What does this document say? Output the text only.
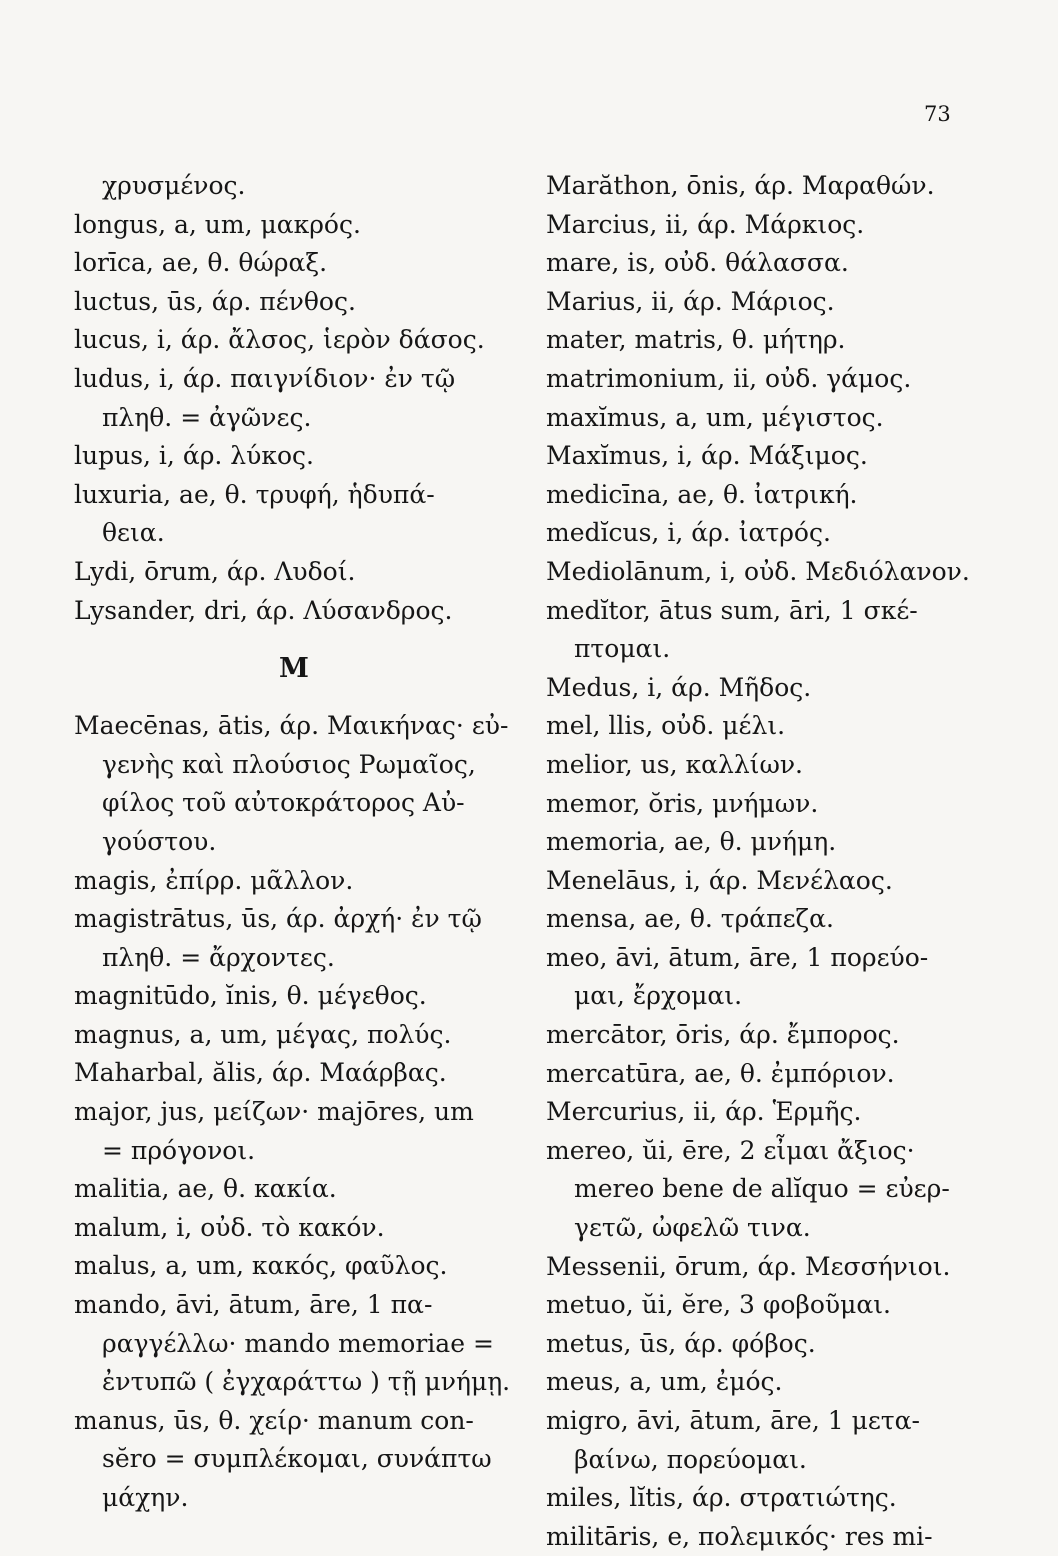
73
χρυσμένος.
longus, a, um, μακρός.
lorīca, ae, θ. θώραξ.
luctus, ūs, άρ. πένθος.
lucus, i, άρ. ἄλσος, ἱερὸν δάσος.
ludus, i, άρ. παιγνίδιον· ἐν τῷ
πληθ. = ἀγῶνες.
lupus, i, άρ. λύκος.
luxuria, ae, θ. τρυφή, ἡδυπά-
θεια.
Lydi, ōrum, άρ. Λυδοί.
Lysander, dri, άρ. Λύσανδρος.
M
Maecēnas, ātis, άρ. Μαικήνας· εὐ-
γενὴς καὶ πλούσιος Ρωμαῖος,
φίλος τοῦ αὐτοκράτορος Αὐ-
γούστου.
magis, ἐπίρρ. μᾶλλον.
magistrātus, ūs, άρ. ἀρχή· ἐν τῷ
πληθ. = ἄρχοντες.
magnitūdo, ĭnis, θ. μέγεθος.
magnus, a, um, μέγας, πολύς.
Maharbal, ălis, άρ. Μαάρβας.
major, jus, μείζων· majōres, um
= πρόγονοι.
malitia, ae, θ. κακία.
malum, i, οὐδ. τὸ κακόν.
malus, a, um, κακός, φαῦλος.
mando, āvi, ātum, āre, 1 πα-
ραγγέλλω· mando memoriae =
ἐντυπῶ ( ἐγχαράττω ) τῇ μνήμῃ.
manus, ūs, θ. χείρ· manum con-
sĕro = συμπλέκομαι, συνάπτω
μάχην.
Marăthon, ōnis, άρ. Μαραθών.
Marcius, ii, άρ. Μάρκιος.
mare, is, οὐδ. θάλασσα.
Marius, ii, άρ. Μάριος.
mater, matris, θ. μήτηρ.
matrimonium, ii, οὐδ. γάμος.
maxĭmus, a, um, μέγιστος.
Maxĭmus, i, άρ. Μάξιμος.
medicīna, ae, θ. ἰατρική.
medĭcus, i, άρ. ἰατρός.
Mediolānum, i, οὐδ. Μεδιόλανον.
medĭtor, ātus sum, āri, 1 σκέ-
πτομαι.
Medus, i, άρ. Μῆδος.
mel, llis, οὐδ. μέλι.
melior, us, καλλίων.
memor, ŏris, μνήμων.
memoria, ae, θ. μνήμη.
Menelāus, i, άρ. Μενέλαος.
mensa, ae, θ. τράπεζα.
meo, āvi, ātum, āre, 1 πορεύο-
μαι, ἔρχομαι.
mercātor, ōris, άρ. ἔμπορος.
mercatūra, ae, θ. ἐμπόριον.
Mercurius, ii, άρ. Ἑρμῆς.
mereo, ŭi, ēre, 2 εἶμαι ἄξιος·
mereo bene de alĭquo = εὐερ-
γετῶ, ὠφελῶ τινα.
Messenii, ōrum, άρ. Μεσσήνιοι.
metuo, ŭi, ĕre, 3 φοβοῦμαι.
metus, ūs, άρ. φόβος.
meus, a, um, ἐμός.
migro, āvi, ātum, āre, 1 μετα-
βαίνω, πορεύομαι.
miles, lĭtis, άρ. στρατιώτης.
militāris, e, πολεμικός· res mi-
